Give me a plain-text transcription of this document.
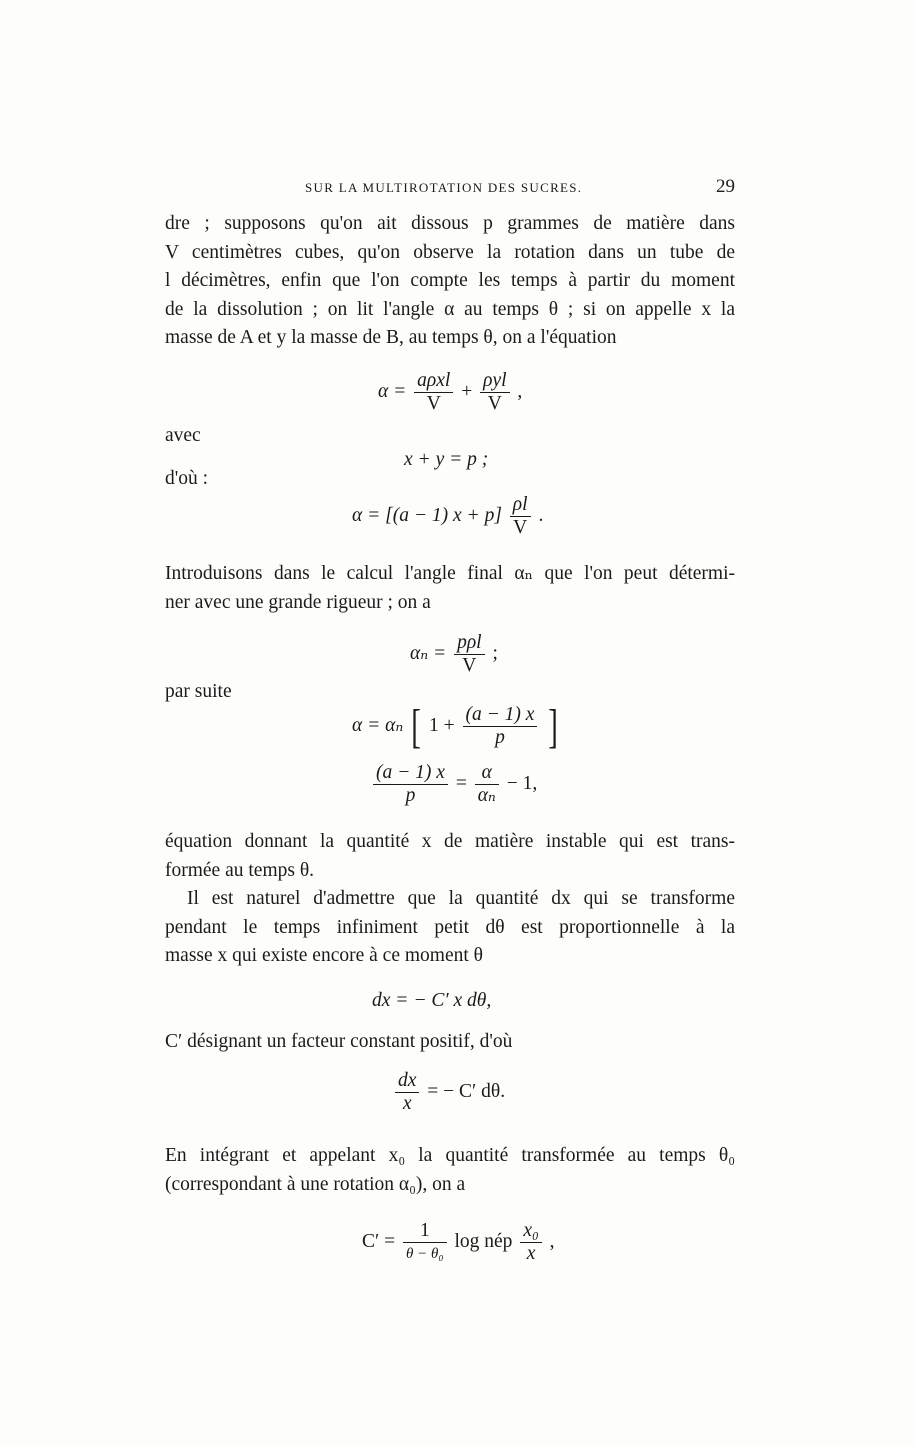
SUR LA MULTIROTATION DES SUCRES.	29
dre ; supposons qu'on ait dissous p grammes de matière dans
V centimètres cubes, qu'on observe la rotation dans un tube de
l décimètres, enfin que l'on compte les temps à partir du moment
de la dissolution ; on lit l'angle α au temps θ ; si on appelle x la
masse de A et y la masse de B, au temps θ, on a l'équation
$\alpha = \frac{\text{aρxl}}{V} + \frac{\text{ρyl}}{V}$ ,
avec
x + y = p ;
d'où :
α = [(a − 1) $x + p] \frac{\rho l}{V}$ .
Introduisons dans le calcul l'angle final αₙ que l'on peut détermi-
ner avec une grande rigueur ; on a
$\alpha_n = \frac{\text{pρl}}{V}$ ;
par suite
α = αₙ [ $1 + \frac{(a - 1) x}{p}$ ]
$\frac{(a - 1) x}{p} = \frac{\alpha}{\text{αₙ}} - 1$,
équation donnant la quantité x de matière instable qui est trans-
formée au temps θ.
Il est naturel d'admettre que la quantité dx qui se transforme
pendant le temps infiniment petit dθ est proportionnelle à la
masse x qui existe encore à ce moment θ
dx = − C′ x dθ,
C′ désignant un facteur constant positif, d'où
$\frac{dx}{x}$ = − C′ dθ.
En intégrant et appelant x₀ la quantité transformée au temps θ₀
(correspondant à une rotation α₀), on a
$C' = \frac{1}{\text{θ − θ₀}}$ log nép $\frac{\text{x₀}}{x}$ ,
